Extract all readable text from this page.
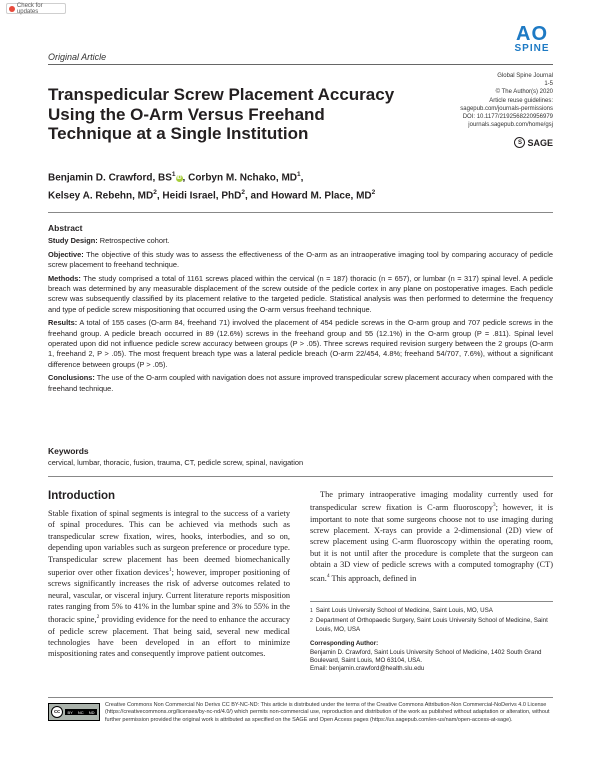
Check for updates
Original Article
AO
SPINE
Global Spine Journal
1-5
© The Author(s) 2020
Article reuse guidelines:
sagepub.com/journals-permissions
DOI: 10.1177/2192568220956979
journals.sagepub.com/home/gsj
S SAGE
Transpedicular Screw Placement Accuracy Using the O-Arm Versus Freehand Technique at a Single Institution
Benjamin D. Crawford, $BS^1iD$, Corbyn M. Nchako, $MD^1$,
Kelsey A. Rebehn, $MD^2$, Heidi Israel, PhD$^2$, and Howard M. Place, $MD^2$
Abstract

Study Design: Retrospective cohort.

Objective: The objective of this study was to assess the effectiveness of the O-arm as an intraoperative imaging tool by comparing accuracy of pedicle screw placement to freehand technique.

Methods: The study comprised a total of 1161 screws placed within the cervical (n = 187) thoracic (n = 657), or lumbar (n = 317) spinal level. A pedicle breach was determined by any measurable displacement of the screw outside of the pedicle cortex in any plane on postoperative images. Each pedicle screw was subsequently classified by its placement relative to the targeted pedicle. Statistical analysis was then performed to determine the frequency and type of pedicle screw mispositioning that occurred using the O-arm versus freehand technique.

Results: A total of 155 cases (O-arm 84, freehand 71) involved the placement of 454 pedicle screws in the O-arm group and 707 pedicle screws in the freehand group. A pedicle breach occurred in 89 (12.6%) screws in the freehand group and 55 (12.1%) in the O-arm group (P = .811). Spinal level operated upon did not influence pedicle screw accuracy between groups (P > .05). Three screws required revision surgery between the 2 groups (O-arm 1, freehand 2, P > .05). The most frequent breach type was a lateral pedicle breach (O-arm 22/454, 4.8%; freehand 54/707, 7.6%), without a significant difference between groups (P > .05).

Conclusions: The use of the O-arm coupled with navigation does not assure improved transpedicular screw placement accuracy when compared with the freehand technique.

Keywords
cervical, lumbar, thoracic, fusion, trauma, CT, pedicle screw, spinal, navigation
Introduction

Stable fixation of spinal segments is integral to the success of a variety of spinal procedures. This can be achieved via methods such as transpedicular screw fixation, wires, hooks, interbodies, and so on, depending upon variables such as surgeon preference or procedure type. Transpedicular screw placement has been deemed biomechanically superior over other fixation devices$^1$; however, improper positioning of screws significantly increases the risk of adverse outcomes related to neural, vascular, or visceral injury. Current literature reports misposition rates ranging from 5% to 41% in the lumbar spine and 3% to 55% in the thoracic spine,$^2$ providing evidence for the need to enhance the accuracy of pedicle screw placement. That being said, several new medical technologies have been developed in an effort to minimize mispositioning rates and consequently improve patient outcomes.

The primary intraoperative imaging modality currently used for transpedicular screw fixation is C-arm fluoroscopy$^3$; however, it is important to note that some surgeons choose not to use imaging during screw placement. X-rays can provide a 2-dimensional (2D) view of screw placement using C-arm fluoroscopy within the operating room, but it is not until after the procedure is complete that the surgeon can obtain a 3D view of pedicle screws with a computed tomography (CT) scan.$^4$ This approach, defined in

1 Saint Louis University School of Medicine, Saint Louis, MO, USA
2 Department of Orthopaedic Surgery, Saint Louis University School of Medicine, Saint Louis, MO, USA
Corresponding Author:
Benjamin D. Crawford, Saint Louis University School of Medicine, 1402 South Grand Boulevard, Saint Louis, MO 63104, USA.
Email: benjamin.crawford@health.slu.edu
cc	BY NC ND
Creative Commons Non Commercial No Derivs CC BY-NC-ND: This article is distributed under the terms of the Creative Commons Attribution-Non Commercial-NoDerivs 4.0 License (https://creativecommons.org/licenses/by-nc-nd/4.0/) which permits non-commercial use, reproduction and distribution of the work as published without adaptation or alteration, without further permission provided the original work is attributed as specified on the SAGE and Open Access pages (https://us.sagepub.com/en-us/nam/open-access-at-sage).
